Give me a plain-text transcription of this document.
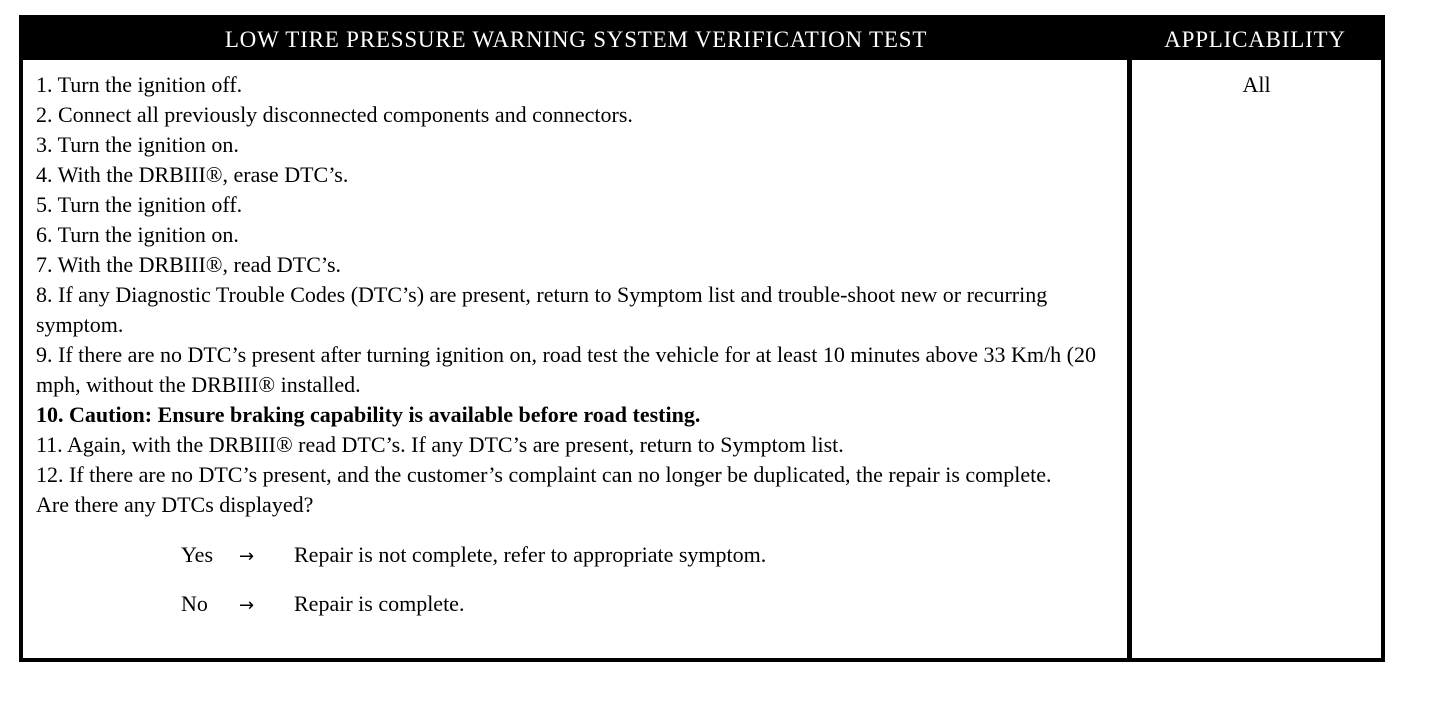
LOW TIRE PRESSURE WARNING SYSTEM VERIFICATION TEST	APPLICABILITY

1. Turn the ignition off.

2. Connect all previously disconnected components and connectors.

3. Turn the ignition on.

4. With the DRBIII®, erase DTC’s.

5. Turn the ignition off.

6. Turn the ignition on.

7. With the DRBIII®, read DTC’s.

8. If any Diagnostic Trouble Codes (DTC’s) are present, return to Symptom list and trouble-shoot new or recurring symptom.

9. If there are no DTC’s present after turning ignition on, road test the vehicle for at least 10 minutes above 33 Km/h (20 mph, without the DRBIII® installed.

10. Caution: Ensure braking capability is available before road testing.

11. Again, with the DRBIII® read DTC’s. If any DTC’s are present, return to Symptom list.

12. If there are no DTC’s present, and the customer’s complaint can no longer be duplicated, the repair is complete.

Are there any DTCs displayed?

Yes	→	Repair is not complete, refer to appropriate symptom.
No	→	Repair is complete.
All
